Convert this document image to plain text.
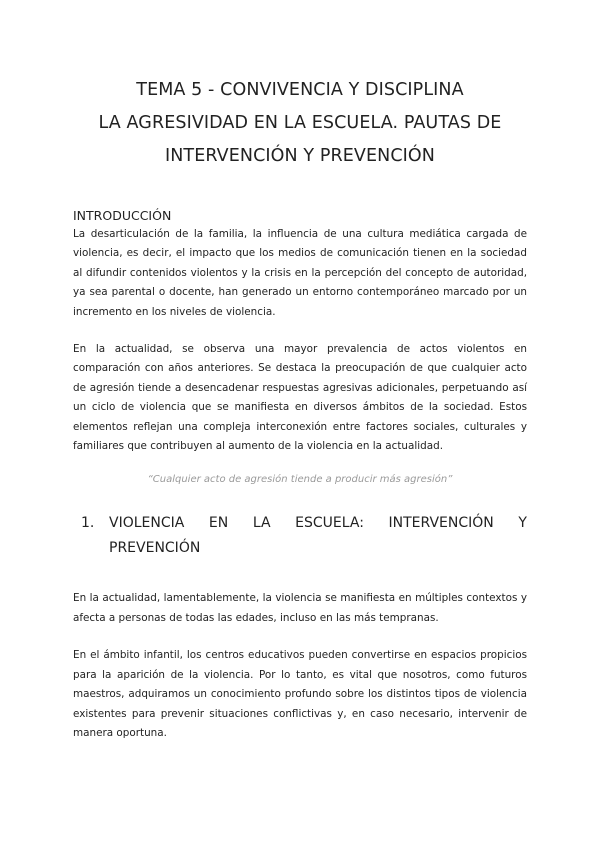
TEMA 5 - CONVIVENCIA Y DISCIPLINA
LA AGRESIVIDAD EN LA ESCUELA. PAUTAS DE
INTERVENCIÓN Y PREVENCIÓN
INTRODUCCIÓN

La desarticulación de la familia, la influencia de una cultura mediática cargada de violencia, es decir, el impacto que los medios de comunicación tienen en la sociedad al difundir contenidos violentos y la crisis en la percepción del concepto de autoridad, ya sea parental o docente, han generado un entorno contemporáneo marcado por un incremento en los niveles de violencia.

En la actualidad, se observa una mayor prevalencia de actos violentos en comparación con años anteriores. Se destaca la preocupación de que cualquier acto de agresión tiende a desencadenar respuestas agresivas adicionales, perpetuando así un ciclo de violencia que se manifiesta en diversos ámbitos de la sociedad. Estos elementos reflejan una compleja interconexión entre factores sociales, culturales y familiares que contribuyen al aumento de la violencia en la actualidad.

“Cualquier acto de agresión tiende a producir más agresión”
1.	VIOLENCIA EN LA ESCUELA: INTERVENCIÓN Y
PREVENCIÓN

En la actualidad, lamentablemente, la violencia se manifiesta en múltiples contextos y afecta a personas de todas las edades, incluso en las más tempranas.

En el ámbito infantil, los centros educativos pueden convertirse en espacios propicios para la aparición de la violencia. Por lo tanto, es vital que nosotros, como futuros maestros, adquiramos un conocimiento profundo sobre los distintos tipos de violencia existentes para prevenir situaciones conflictivas y, en caso necesario, intervenir de manera oportuna.
